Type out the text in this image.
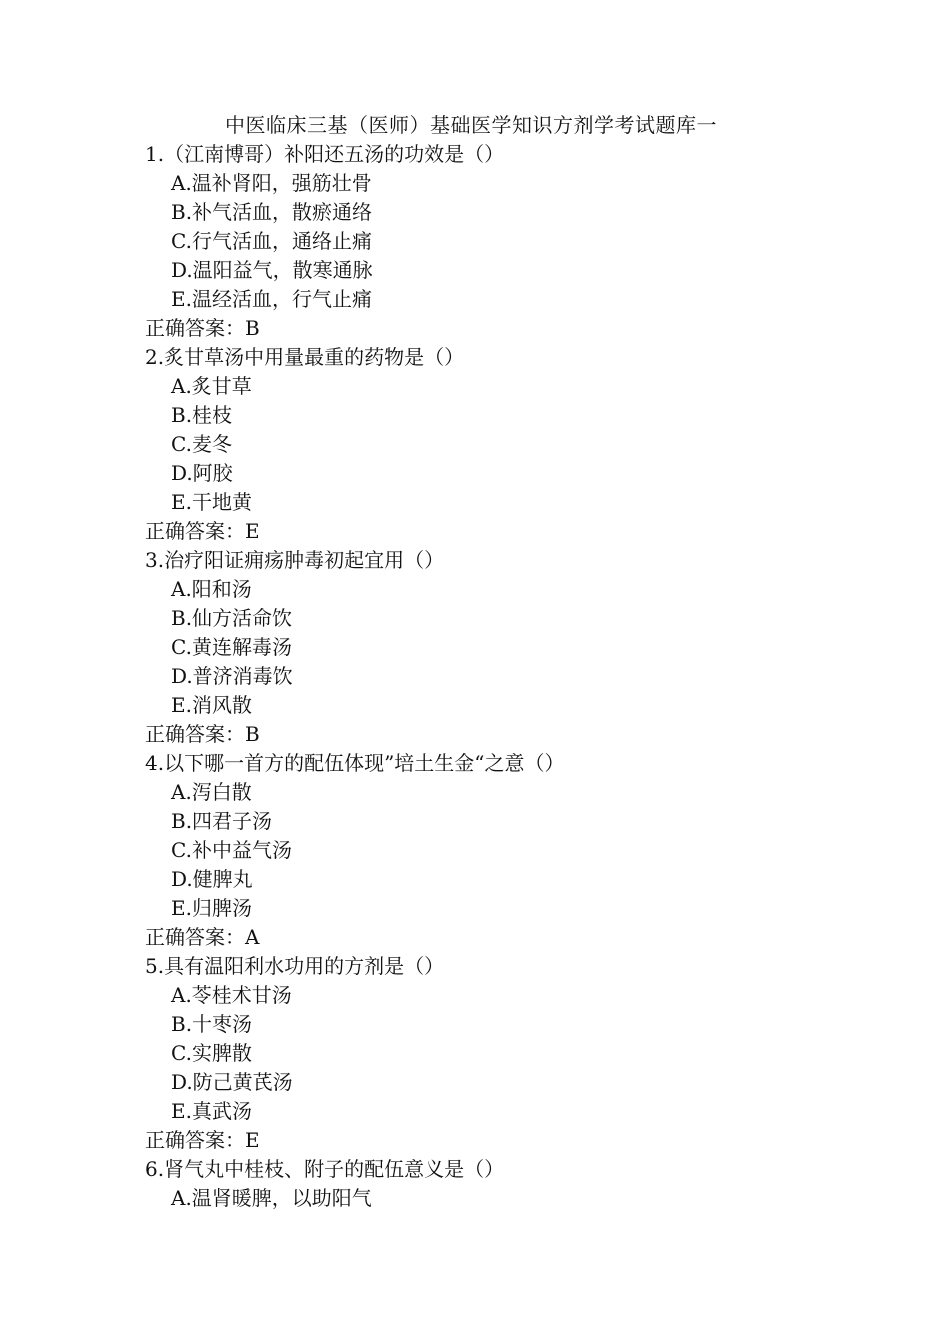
中医临床三基（医师）基础医学知识方剂学考试题库一
1.（江南博哥）补阳还五汤的功效是（）
A.温补肾阳，强筋壮骨
B.补气活血，散瘀通络
C.行气活血，通络止痛
D.温阳益气，散寒通脉
E.温经活血，行气止痛
正确答案：B
2.炙甘草汤中用量最重的药物是（）
A.炙甘草
B.桂枝
C.麦冬
D.阿胶
E.干地黄
正确答案：E
3.治疗阳证痈疡肿毒初起宜用（）
A.阳和汤
B.仙方活命饮
C.黄连解毒汤
D.普济消毒饮
E.消风散
正确答案：B
4.以下哪一首方的配伍体现”培土生金“之意（）
A.泻白散
B.四君子汤
C.补中益气汤
D.健脾丸
E.归脾汤
正确答案：A
5.具有温阳利水功用的方剂是（）
A.苓桂术甘汤
B.十枣汤
C.实脾散
D.防己黄芪汤
E.真武汤
正确答案：E
6.肾气丸中桂枝、附子的配伍意义是（）
A.温肾暖脾，以助阳气
